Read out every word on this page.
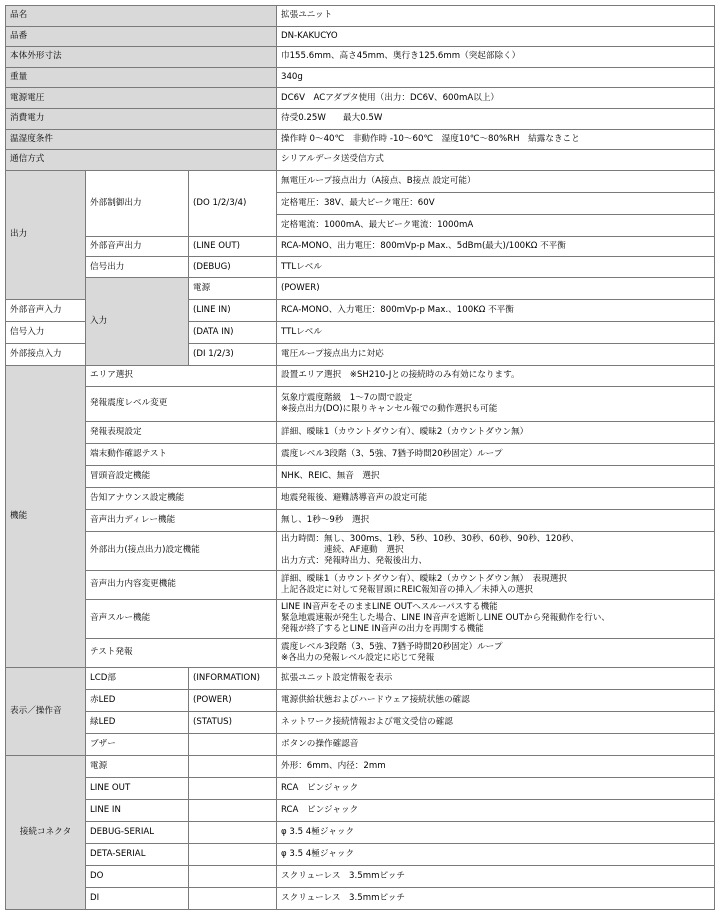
品名			拡張ユニット	
品番			DN-KAKUCYO	
本体外形寸法			巾155.6mm、高さ45mm、奥行き125.6mm（突起部除く）	
重量			340g	
電源電圧			DC6V　ACアダプタ使用（出力：DC6V、600mA以上）	
消費電力			待受0.25W　　最大0.5W	
温湿度条件			操作時 0～40℃　非動作時 -10～60℃　湿度10℃～80%RH　結露なきこと	
通信方式			シリアルデータ送受信方式	
出力	外部制御出力	(DO 1/2/3/4)	無電圧ループ接点出力（A接点、B接点 設定可能）	
			定格電圧：38V、最大ピーク電圧：60V	
			定格電流：1000mA、最大ピーク電流：1000mA	
	外部音声出力	(LINE OUT)	RCA-MONO、出力電圧：800mVp-p Max.、5dBm(最大)/100KΩ 不平衡	
	信号出力	(DEBUG)	TTLレベル	
	入力	電源	(POWER)	
外部音声入力		(LINE IN)	RCA-MONO、入力電圧：800mVp-p Max.、100KΩ 不平衡	
信号入力		(DATA IN)	TTLレベル	
外部接点入力		(DI 1/2/3)	電圧ループ接点出力に対応	
機能	エリア選択		設置エリア選択　※SH210-Jとの接続時のみ有効になります。	

	発報震度レベル変更		気象庁震度階級　1～7の間で設定
※接点出力(DO)に限りキャンセル報での動作選択も可能	

	発報表現設定		詳細、曖昧1（カウントダウン有）、曖昧2（カウントダウン無）	

	端末動作確認テスト		震度レベル3段階（3、5強、7猶予時間20秒固定）ループ	

	冒頭音設定機能		NHK、REIC、無音　選択	

	告知アナウンス設定機能		地震発報後、避難誘導音声の設定可能	

	音声出力ディレー機能		無し、1秒～9秒　選択	

	外部出力(接点出力)設定機能		出力時間：無し、300ms、1秒、5秒、10秒、30秒、60秒、90秒、120秒、
　　　　　連続、AF連動　選択
出力方式：発報時出力、発報後出力、	

	音声出力内容変更機能		詳細、曖昧1（カウントダウン有）、曖昧2（カウントダウン無）　表現選択
上記各設定に対して発報冒頭にREIC報知音の挿入／未挿入の選択	

	音声スルー機能		LINE IN音声をそのままLINE OUTへスルーパスする機能
緊急地震速報が発生した場合、LINE IN音声を遮断しLINE OUTから発報動作を行い、
発報が終了するとLINE IN音声の出力を再開する機能	

	テスト発報		震度レベル3段階（3、5強、7猶予時間20秒固定）ループ
※各出力の発報レベル設定に応じて発報	

表示／操作音	LCD部	(INFORMATION)	拡張ユニット設定情報を表示	
	赤LED	(POWER)	電源供給状態およびハードウェア接続状態の確認	
	緑LED	(STATUS)	ネットワーク接続情報および電文受信の確認	
	ブザー		ボタンの操作確認音	
接続コネクタ	電源		外形：6mm、内径：2mm	
	LINE OUT		RCA　ピンジャック	
	LINE IN		RCA　ピンジャック	
	DEBUG-SERIAL		φ 3.5 4極ジャック	
	DETA-SERIAL		φ 3.5 4極ジャック	
	DO		スクリューレス　3.5mmピッチ	
	DI		スクリューレス　3.5mmピッチ	
